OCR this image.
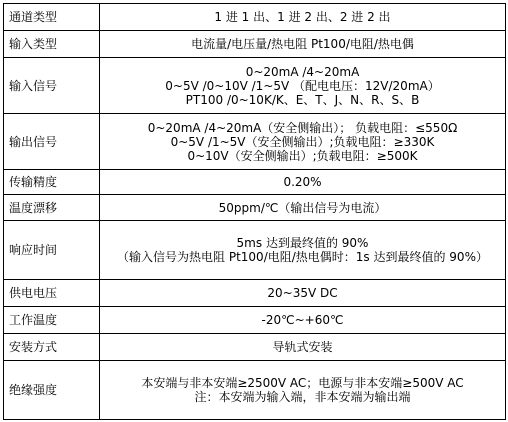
通道类型	1 进 1 出、1 进 2 出、2 进 2 出

输入类型	电流量/电压量/热电阻 Pt100/电阻/热电偶

输入信号	0~20mA /4~20mA
0~5V /0~10V /1~5V （配电电压：12V/20mA）
PT100 /0~10K/K、E、T、J、N、R、S、B

输出信号	0~20mA /4~20mA（安全侧输出）； 负载电阻：≤550Ω
0~5V /1~5V（安全侧输出）;负载电阻：≥330K
0~10V（安全侧输出）;负载电阻：≥500K

传输精度	0.20%

温度漂移	50ppm/℃（输出信号为电流）

响应时间	5ms 达到最终值的 90%
（输入信号为热电阻 Pt100/电阻/热电偶时：1s 达到最终值的 90%）

供电电压	20~35V DC

工作温度	-20℃~+60℃

安装方式	导轨式安装

绝缘强度	本安端与非本安端≥2500V AC；电源与非本安端≥500V AC
注：本安端为输入端，非本安端为输出端
